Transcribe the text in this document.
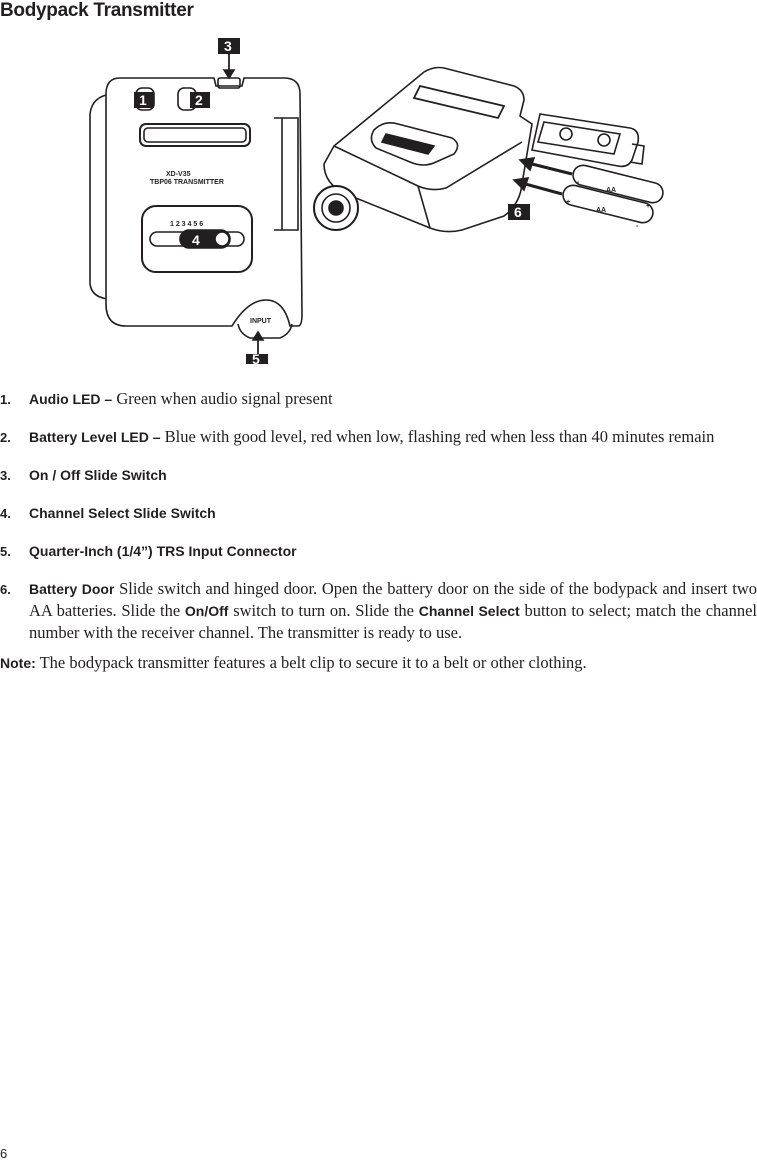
Bodypack Transmitter
XD-V35
TBP06 TRANSMITTER
1 2 3 4 5 6
INPUT
AA
AA
-
+
+
-
1	2
3
4
5
6
1. Audio LED – Green when audio signal present
2. Battery Level LED – Blue with good level, red when low, flashing red when less than 40 minutes remain
3. On / Off Slide Switch
4. Channel Select Slide Switch
5. Quarter-Inch (1/4”) TRS Input Connector
6. Battery Door Slide switch and hinged door. Open the battery door on the side of the bodypack and insert two AA batteries. Slide the On/Off switch to turn on. Slide the Channel Select button to select; match the channel number with the receiver channel. The transmitter is ready to use.
Note: The bodypack transmitter features a belt clip to secure it to a belt or other clothing.
6
